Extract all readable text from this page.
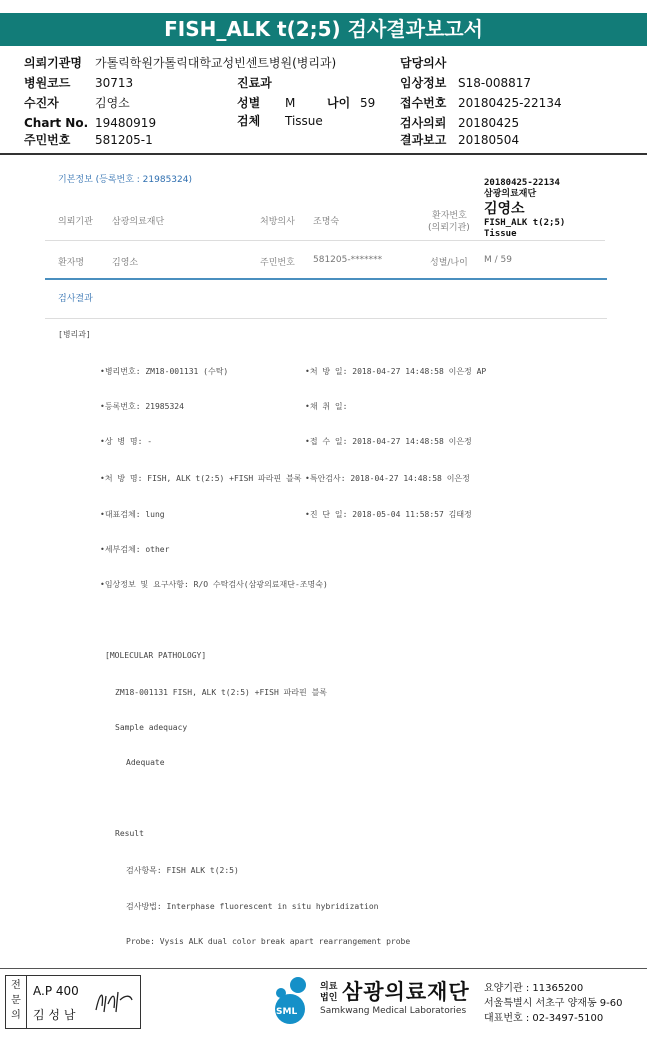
FISH_ALK t(2;5) 검사결과보고서
의뢰기관명 가톨릭학원가톨릭대학교성빈센트병원(병리과)	담당의사
병원코드 30713	진료과	임상정보 S18-008817
수진자	김영소	성별 M	나이 59 접수번호 20180425-22134
Chart No. 19480919	검체 Tissue	검사의뢰 20180425
주민번호 581205-1	결과보고 20180504
기본정보 (등록번호 : 21985324)	20180425-22134
삼광의료재단
김영소
FISH_ALK t(2;5)
Tissue
의뢰기관 삼광의료재단	처방의사 조명숙
환자번호
(의뢰기관)
환자명	김영소	주민번호 581205-*******	성별/나이 M / 59
검사결과
[병리과]
•병리번호: ZM18-001131 (수탁)	•처 방 일: 2018-04-27 14:48:58 이은정 AP
•등록번호: 21985324	•채 취 일:
•상 병 명: -	•접 수 일: 2018-04-27 14:48:58 이은정
•처 방 명: FISH, ALK t(2:5) +FISH 파라핀 블록 •특안검사: 2018-04-27 14:48:58 이은정
•대표검체: lung	•진 단 일: 2018-05-04 11:58:57 김태정
•세부검체: other
•임상정보 및 요구사항: R/O 수탁검사(삼광의료재단-조명숙)
[MOLECULAR PATHOLOGY]
ZM18-001131 FISH, ALK t(2:5) +FISH 파라핀 블록
Sample adequacy
Adequate
Result
검사항목: FISH ALK t(2:5)
검사방법: Interphase fluorescent in situ hybridization
Probe: Vysis ALK dual color break apart rearrangement probe
전문의
A.P 400
김 성 남	SML
의료
법인 삼광의료재단
Samkwang Medical Laboratories
요양기관 : 11365200
서울특별시 서초구 양재동 9-60
대표번호 : 02-3497-5100
